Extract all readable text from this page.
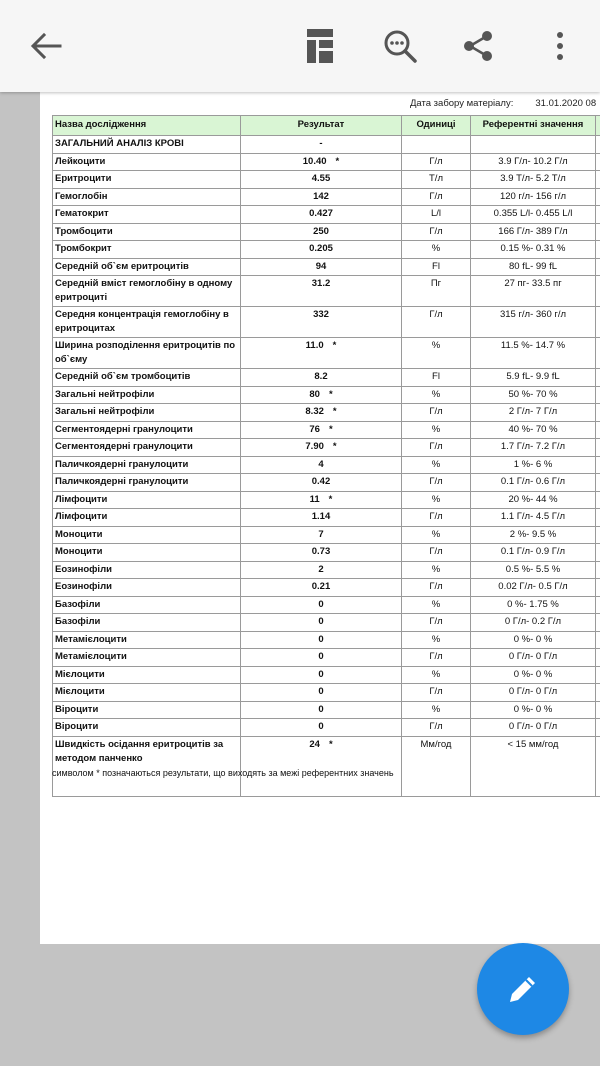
Дата забору матеріалу: 31.01.2020 08
Назва дослідження	Результат	Одиниці	Референтні значення	
ЗАГАЛЬНИЙ АНАЛІЗ КРОВІ	-			
Лейкоцити	10.40 *	Г/л	3.9 Г/л- 10.2 Г/л	
Еритроцити	4.55	Т/л	3.9 Т/л- 5.2 Т/л	
Гемоглобін	142	Г/л	120 г/л- 156 г/л	
Гематокрит	0.427	L/l	0.355 L/l- 0.455 L/l	
Тромбоцити	250	Г/л	166 Г/л- 389 Г/л	
Тромбокрит	0.205	%	0.15 %- 0.31 %	
Середній об`єм еритроцитів	94	Fl	80 fL- 99 fL	
Середній вміст гемоглобіну в одному еритроциті	31.2	Пг	27 пг- 33.5 пг	
Середня концентрація гемоглобіну в еритроцитах	332	Г/л	315 г/л- 360 г/л	
Ширина розподілення еритроцитів по об`єму	11.0 *	%	11.5 %- 14.7 %	
Середній об`єм тромбоцитів	8.2	Fl	5.9 fL- 9.9 fL	
Загальні нейтрофіли	80 *	%	50 %- 70 %	
Загальні нейтрофіли	8.32 *	Г/л	2 Г/л- 7 Г/л	
Сегментоядерні гранулоцити	76 *	%	40 %- 70 %	
Сегментоядерні гранулоцити	7.90 *	Г/л	1.7 Г/л- 7.2 Г/л	
Паличкоядерні гранулоцити	4	%	1 %- 6 %	
Паличкоядерні гранулоцити	0.42	Г/л	0.1 Г/л- 0.6 Г/л	
Лімфоцити	11 *	%	20 %- 44 %	
Лімфоцити	1.14	Г/л	1.1 Г/л- 4.5 Г/л	
Моноцити	7	%	2 %- 9.5 %	
Моноцити	0.73	Г/л	0.1 Г/л- 0.9 Г/л	
Еозинофіли	2	%	0.5 %- 5.5 %	
Еозинофіли	0.21	Г/л	0.02 Г/л- 0.5 Г/л	
Базофіли	0	%	0 %- 1.75 %	
Базофіли	0	Г/л	0 Г/л- 0.2 Г/л	
Метамієлоцити	0	%	0 %- 0 %	
Метамієлоцити	0	Г/л	0 Г/л- 0 Г/л	
Мієлоцити	0	%	0 %- 0 %	
Мієлоцити	0	Г/л	0 Г/л- 0 Г/л	
Віроцити	0	%	0 %- 0 %	
Віроцити	0	Г/л	0 Г/л- 0 Г/л	
Швидкість осідання еритроцитів за методом панченко	24 *	Мм/год	< 15 мм/год	
символом * позначаються результати, що виходять за межі референтних значень
